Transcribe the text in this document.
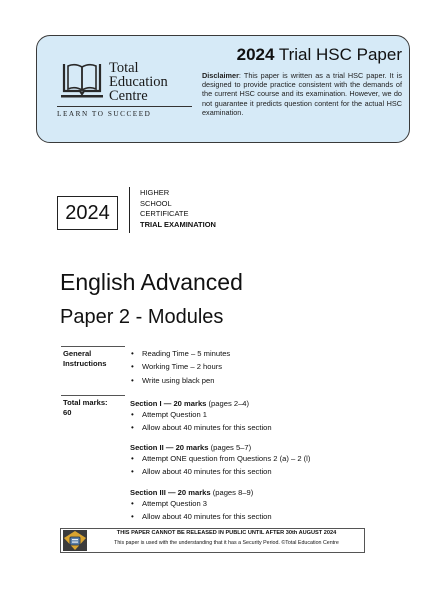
Total
Education
Centre
LEARN TO SUCCEED
2024 Trial HSC Paper
Disclaimer: This paper is written as a trial HSC paper. It is designed to provide practice consistent with the demands of the current HSC course and its examination. However, we do not guarantee it predicts question content for the actual HSC examination.
2024
HIGHER
SCHOOL
CERTIFICATE
TRIAL EXAMINATION
English Advanced
Paper 2 - Modules
General
Instructions
• Reading Time – 5 minutes
• Working Time – 2 hours
• Write using black pen
Total marks:
60
Section I — 20 marks (pages 2–4)
• Attempt Question 1
• Allow about 40 minutes for this section
Section II — 20 marks (pages 5–7)
• Attempt ONE question from Questions 2 (a) – 2 (l)
• Allow about 40 minutes for this section
Section III — 20 marks (pages 8–9)
• Attempt Question 3
• Allow about 40 minutes for this section
THIS PAPER CANNOT BE RELEASED IN PUBLIC UNTIL AFTER 30th AUGUST 2024
This paper is used with the understanding that it has a Security Period. ©Total Education Centre
